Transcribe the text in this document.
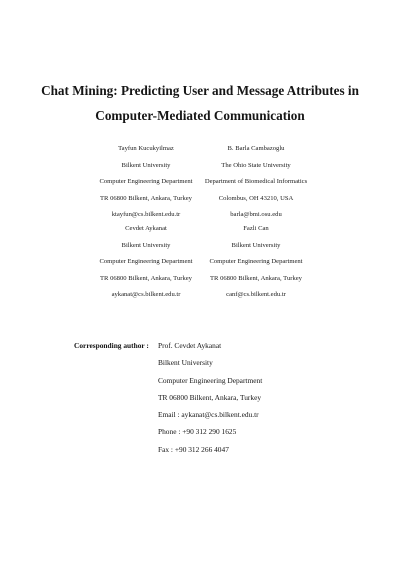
Chat Mining: Predicting User and Message Attributes in
Computer-Mediated Communication
Tayfun Kucukyilmaz
Bilkent University
Computer Engineering Department
TR 06800 Bilkent, Ankara, Turkey
ktayfun@cs.bilkent.edu.tr
B. Barla Cambazoglu
The Ohio State University
Department of Biomedical Informatics
Colombus, OH 43210, USA
barla@bmi.osu.edu
Cevdet Aykanat
Bilkent University
Computer Engineering Department
TR 06800 Bilkent, Ankara, Turkey
aykanat@cs.bilkent.edu.tr
Fazli Can
Bilkent University
Computer Engineering Department
TR 06800 Bilkent, Ankara, Turkey
canf@cs.bilkent.edu.tr
Corresponding author : Prof. Cevdet Aykanat
Bilkent University
Computer Engineering Department
TR 06800 Bilkent, Ankara, Turkey
Email : aykanat@cs.bilkent.edu.tr
Phone : +90 312 290 1625
Fax : +90 312 266 4047
